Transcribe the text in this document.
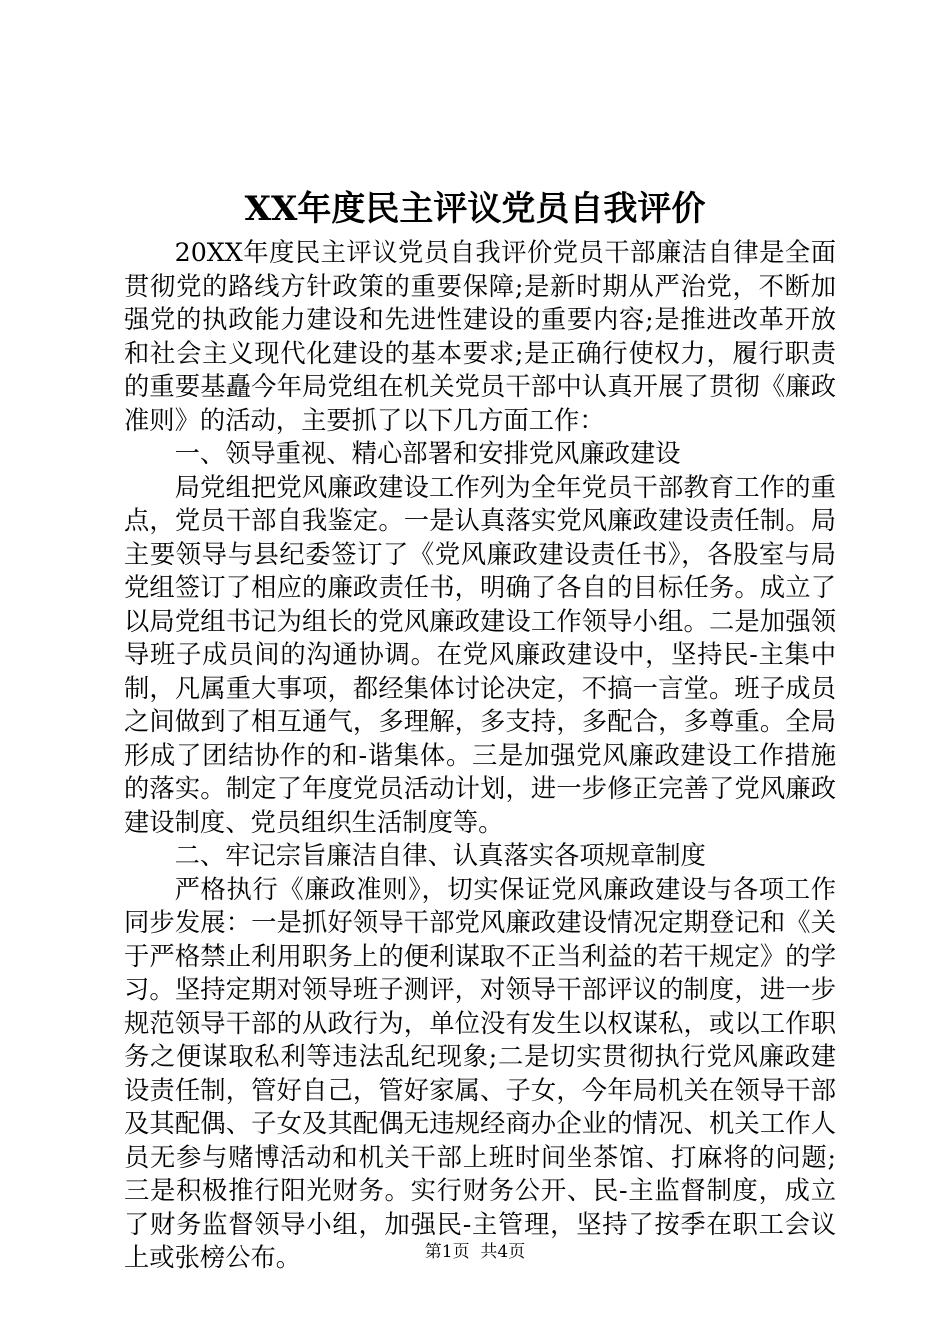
XX年度民主评议党员自我评价

20XX年度民主评议党员自我评价党员干部廉洁自律是全面贯彻党的路线方针政策的重要保障;是新时期从严治党，不断加强党的执政能力建设和先进性建设的重要内容;是推进改革开放和社会主义现代化建设的基本要求;是正确行使权力，履行职责的重要基矗今年局党组在机关党员干部中认真开展了贯彻《廉政准则》的活动，主要抓了以下几方面工作：

一、领导重视、精心部署和安排党风廉政建设

局党组把党风廉政建设工作列为全年党员干部教育工作的重点，党员干部自我鉴定。一是认真落实党风廉政建设责任制。局主要领导与县纪委签订了《党风廉政建设责任书》，各股室与局党组签订了相应的廉政责任书，明确了各自的目标任务。成立了以局党组书记为组长的党风廉政建设工作领导小组。二是加强领导班子成员间的沟通协调。在党风廉政建设中，坚持民-主集中制，凡属重大事项，都经集体讨论决定，不搞一言堂。班子成员之间做到了相互通气，多理解，多支持，多配合，多尊重。全局形成了团结协作的和-谐集体。三是加强党风廉政建设工作措施的落实。制定了年度党员活动计划，进一步修正完善了党风廉政建设制度、党员组织生活制度等。

二、牢记宗旨廉洁自律、认真落实各项规章制度

严格执行《廉政准则》，切实保证党风廉政建设与各项工作同步发展：一是抓好领导干部党风廉政建设情况定期登记和《关于严格禁止利用职务上的便利谋取不正当利益的若干规定》的学习。坚持定期对领导班子测评，对领导干部评议的制度，进一步规范领导干部的从政行为，单位没有发生以权谋私，或以工作职务之便谋取私利等违法乱纪现象;二是切实贯彻执行党风廉政建设责任制，管好自己，管好家属、子女，今年局机关在领导干部及其配偶、子女及其配偶无违规经商办企业的情况、机关工作人员无参与赌博活动和机关干部上班时间坐茶馆、打麻将的问题;三是积极推行阳光财务。实行财务公开、民-主监督制度，成立了财务监督领导小组，加强民-主管理，坚持了按季在职工会议上或张榜公布。	第1页 共4页
